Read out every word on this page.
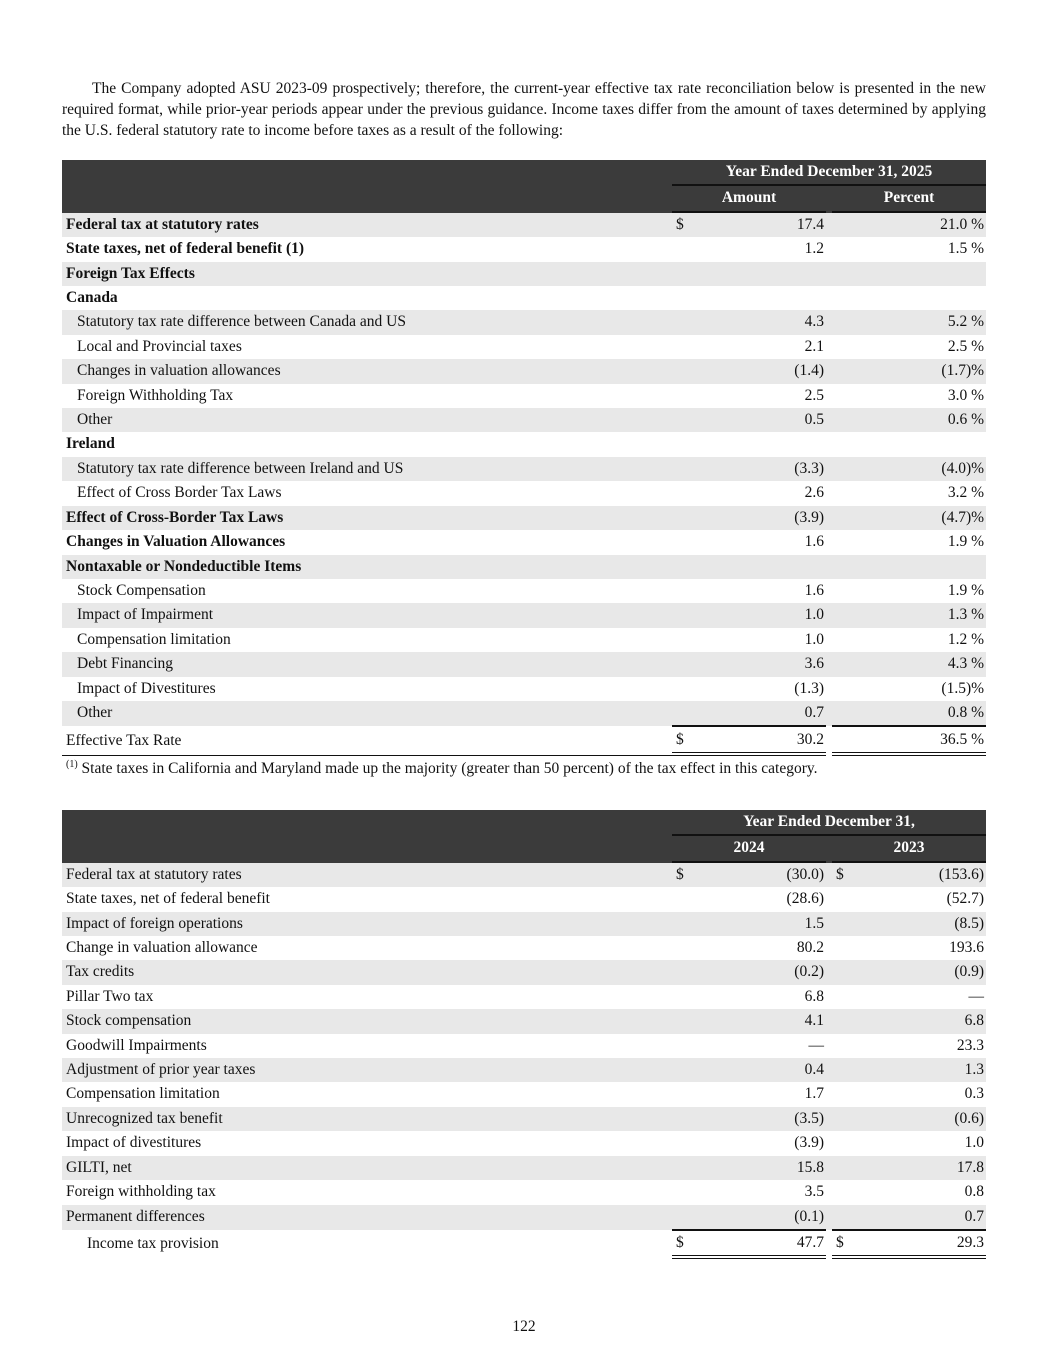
The Company adopted ASU 2023-09 prospectively; therefore, the current-year effective tax rate reconciliation below is presented in the new required format, while prior-year periods appear under the previous guidance. Income taxes differ from the amount of taxes determined by applying the U.S. federal statutory rate to income before taxes as a result of the following:

	Year Ended December 31, 2025		
	Amount		Percent
Federal tax at statutory rates	$ 17.4		21.0 %
State taxes, net of federal benefit (1)	1.2		1.5 %
Foreign Tax Effects			
Canada			
Statutory tax rate difference between Canada and US	4.3		5.2 %
Local and Provincial taxes	2.1		2.5 %
Changes in valuation allowances	(1.4)		(1.7)%
Foreign Withholding Tax	2.5		3.0 %
Other	0.5		0.6 %
Ireland			
Statutory tax rate difference between Ireland and US	(3.3)		(4.0)%
Effect of Cross Border Tax Laws	2.6		3.2 %
Effect of Cross-Border Tax Laws	(3.9)		(4.7)%
Changes in Valuation Allowances	1.6		1.9 %
Nontaxable or Nondeductible Items			
Stock Compensation	1.6		1.9 %
Impact of Impairment	1.0		1.3 %
Compensation limitation	1.0		1.2 %
Debt Financing	3.6		4.3 %
Impact of Divestitures	(1.3)		(1.5)%
Other	0.7		0.8 %
Effective Tax Rate	$ 30.2		36.5 %

$^{(1)}$ State taxes in California and Maryland made up the majority (greater than 50 percent) of the tax effect in this category.

	Year Ended December 31,		
	2024		2023
Federal tax at statutory rates	$ (30.0)		$ (153.6)
State taxes, net of federal benefit	(28.6)		(52.7)
Impact of foreign operations	1.5		(8.5)
Change in valuation allowance	80.2		193.6
Tax credits	(0.2)		(0.9)
Pillar Two tax	6.8		—
Stock compensation	4.1		6.8
Goodwill Impairments	—		23.3
Adjustment of prior year taxes	0.4		1.3
Compensation limitation	1.7		0.3
Unrecognized tax benefit	(3.5)		(0.6)
Impact of divestitures	(3.9)		1.0
GILTI, net	15.8		17.8
Foreign withholding tax	3.5		0.8
Permanent differences	(0.1)		0.7
Income tax provision	$ 47.7		$ 29.3
122
